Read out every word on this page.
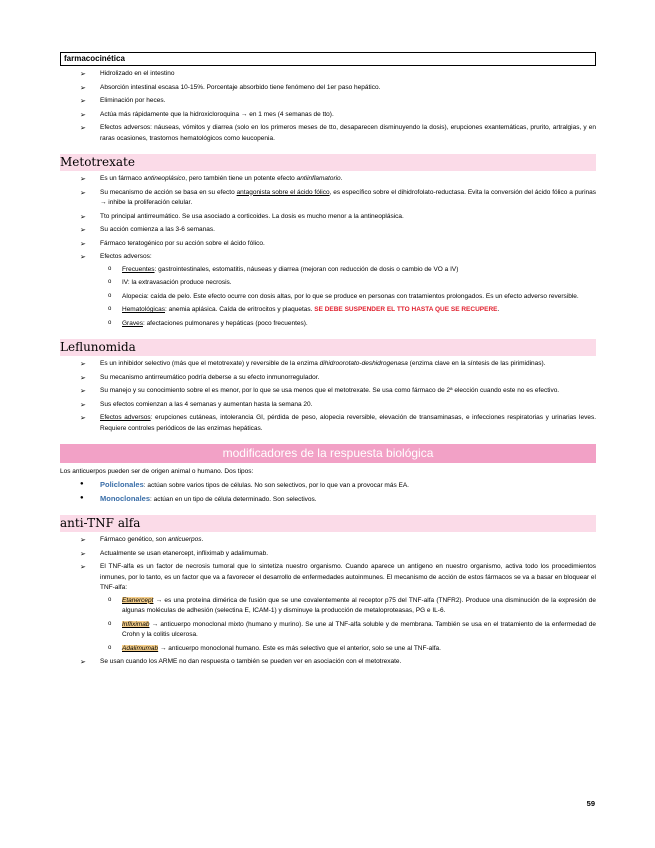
farmacocinética
➢ Hidrolizado en el intestino
➢ Absorción intestinal escasa 10-15%. Porcentaje absorbido tiene fenómeno del 1er paso hepático.
➢ Eliminación por heces.
➢ Actúa más rápidamente que la hidroxicloroquina → en 1 mes (4 semanas de tto).
➢ Efectos adversos: náuseas, vómitos y diarrea (solo en los primeros meses de tto, desaparecen disminuyendo la dosis), erupciones exantemáticas, prurito, artralgias, y en raras ocasiones, trastornos hematológicos como leucopenia.
Metotrexate
➢ Es un fármaco antineoplásico, pero también tiene un potente efecto antiinflamatorio.
➢ Su mecanismo de acción se basa en su efecto antagonista sobre el ácido fólico, es específico sobre el dihidrofolato-reductasa. Evita la conversión del ácido fólico a purinas → inhibe la proliferación celular.
➢ Tto principal antirreumático. Se usa asociado a corticoides. La dosis es mucho menor a la antineoplásica.
➢ Su acción comienza a las 3-6 semanas.
➢ Fármaco teratogénico por su acción sobre el ácido fólico.
➢ Efectos adversos:
o Frecuentes: gastrointestinales, estomatitis, náuseas y diarrea (mejoran con reducción de dosis o cambio de VO a IV)
o IV: la extravasación produce necrosis.
o Alopecia: caída de pelo. Este efecto ocurre con dosis altas, por lo que se produce en personas con tratamientos prolongados. Es un efecto adverso reversible.
o Hematológicas: anemia aplásica. Caída de eritrocitos y plaquetas. SE DEBE SUSPENDER EL TTO HASTA QUE SE RECUPERE.
o Graves: afectaciones pulmonares y hepáticas (poco frecuentes).
Leflunomida
➢ Es un inhibidor selectivo (más que el metotrexate) y reversible de la enzima dihidroorotato-deshidrogenasa (enzima clave en la síntesis de las pirimidinas).
➢ Su mecanismo antirreumático podría deberse a su efecto inmunorregulador.
➢ Su manejo y su conocimiento sobre el es menor, por lo que se usa menos que el metotrexate. Se usa como fármaco de 2ª elección cuando este no es efectivo.
➢ Sus efectos comienzan a las 4 semanas y aumentan hasta la semana 20.
➢ Efectos adversos: erupciones cutáneas, intolerancia GI, pérdida de peso, alopecia reversible, elevación de transaminasas, e infecciones respiratorias y urinarias leves. Requiere controles periódicos de las enzimas hepáticas.
modificadores de la respuesta biológica
Los anticuerpos pueden ser de origen animal o humano. Dos tipos:
● Policlonales: actúan sobre varios tipos de células. No son selectivos, por lo que van a provocar más EA.
● Monoclonales: actúan en un tipo de célula determinado. Son selectivos.
anti-TNF alfa
➢ Fármaco genético, son anticuerpos.
➢ Actualmente se usan etanercept, infliximab y adalimumab.
➢ El TNF-alfa es un factor de necrosis tumoral que lo sintetiza nuestro organismo. Cuando aparece un antígeno en nuestro organismo, activa todo los procedimientos inmunes, por lo tanto, es un factor que va a favorecer el desarrollo de enfermedades autoinmunes. El mecanismo de acción de estos fármacos se va a basar en bloquear el TNF-alfa:
o Etanercept → es una proteína dimérica de fusión que se une covalentemente al receptor p75 del TNF-alfa (TNFR2). Produce una disminución de la expresión de algunas moléculas de adhesión (selectina E, ICAM-1) y disminuye la producción de metaloproteasas, PG e IL-6.
o Infliximab → anticuerpo monoclonal mixto (humano y murino). Se une al TNF-alfa soluble y de membrana. También se usa en el tratamiento de la enfermedad de Crohn y la colitis ulcerosa.
o Adalimumab → anticuerpo monoclonal humano. Este es más selectivo que el anterior, solo se une al TNF-alfa.
➢ Se usan cuando los ARME no dan respuesta o también se pueden ver en asociación con el metotrexate.
59
